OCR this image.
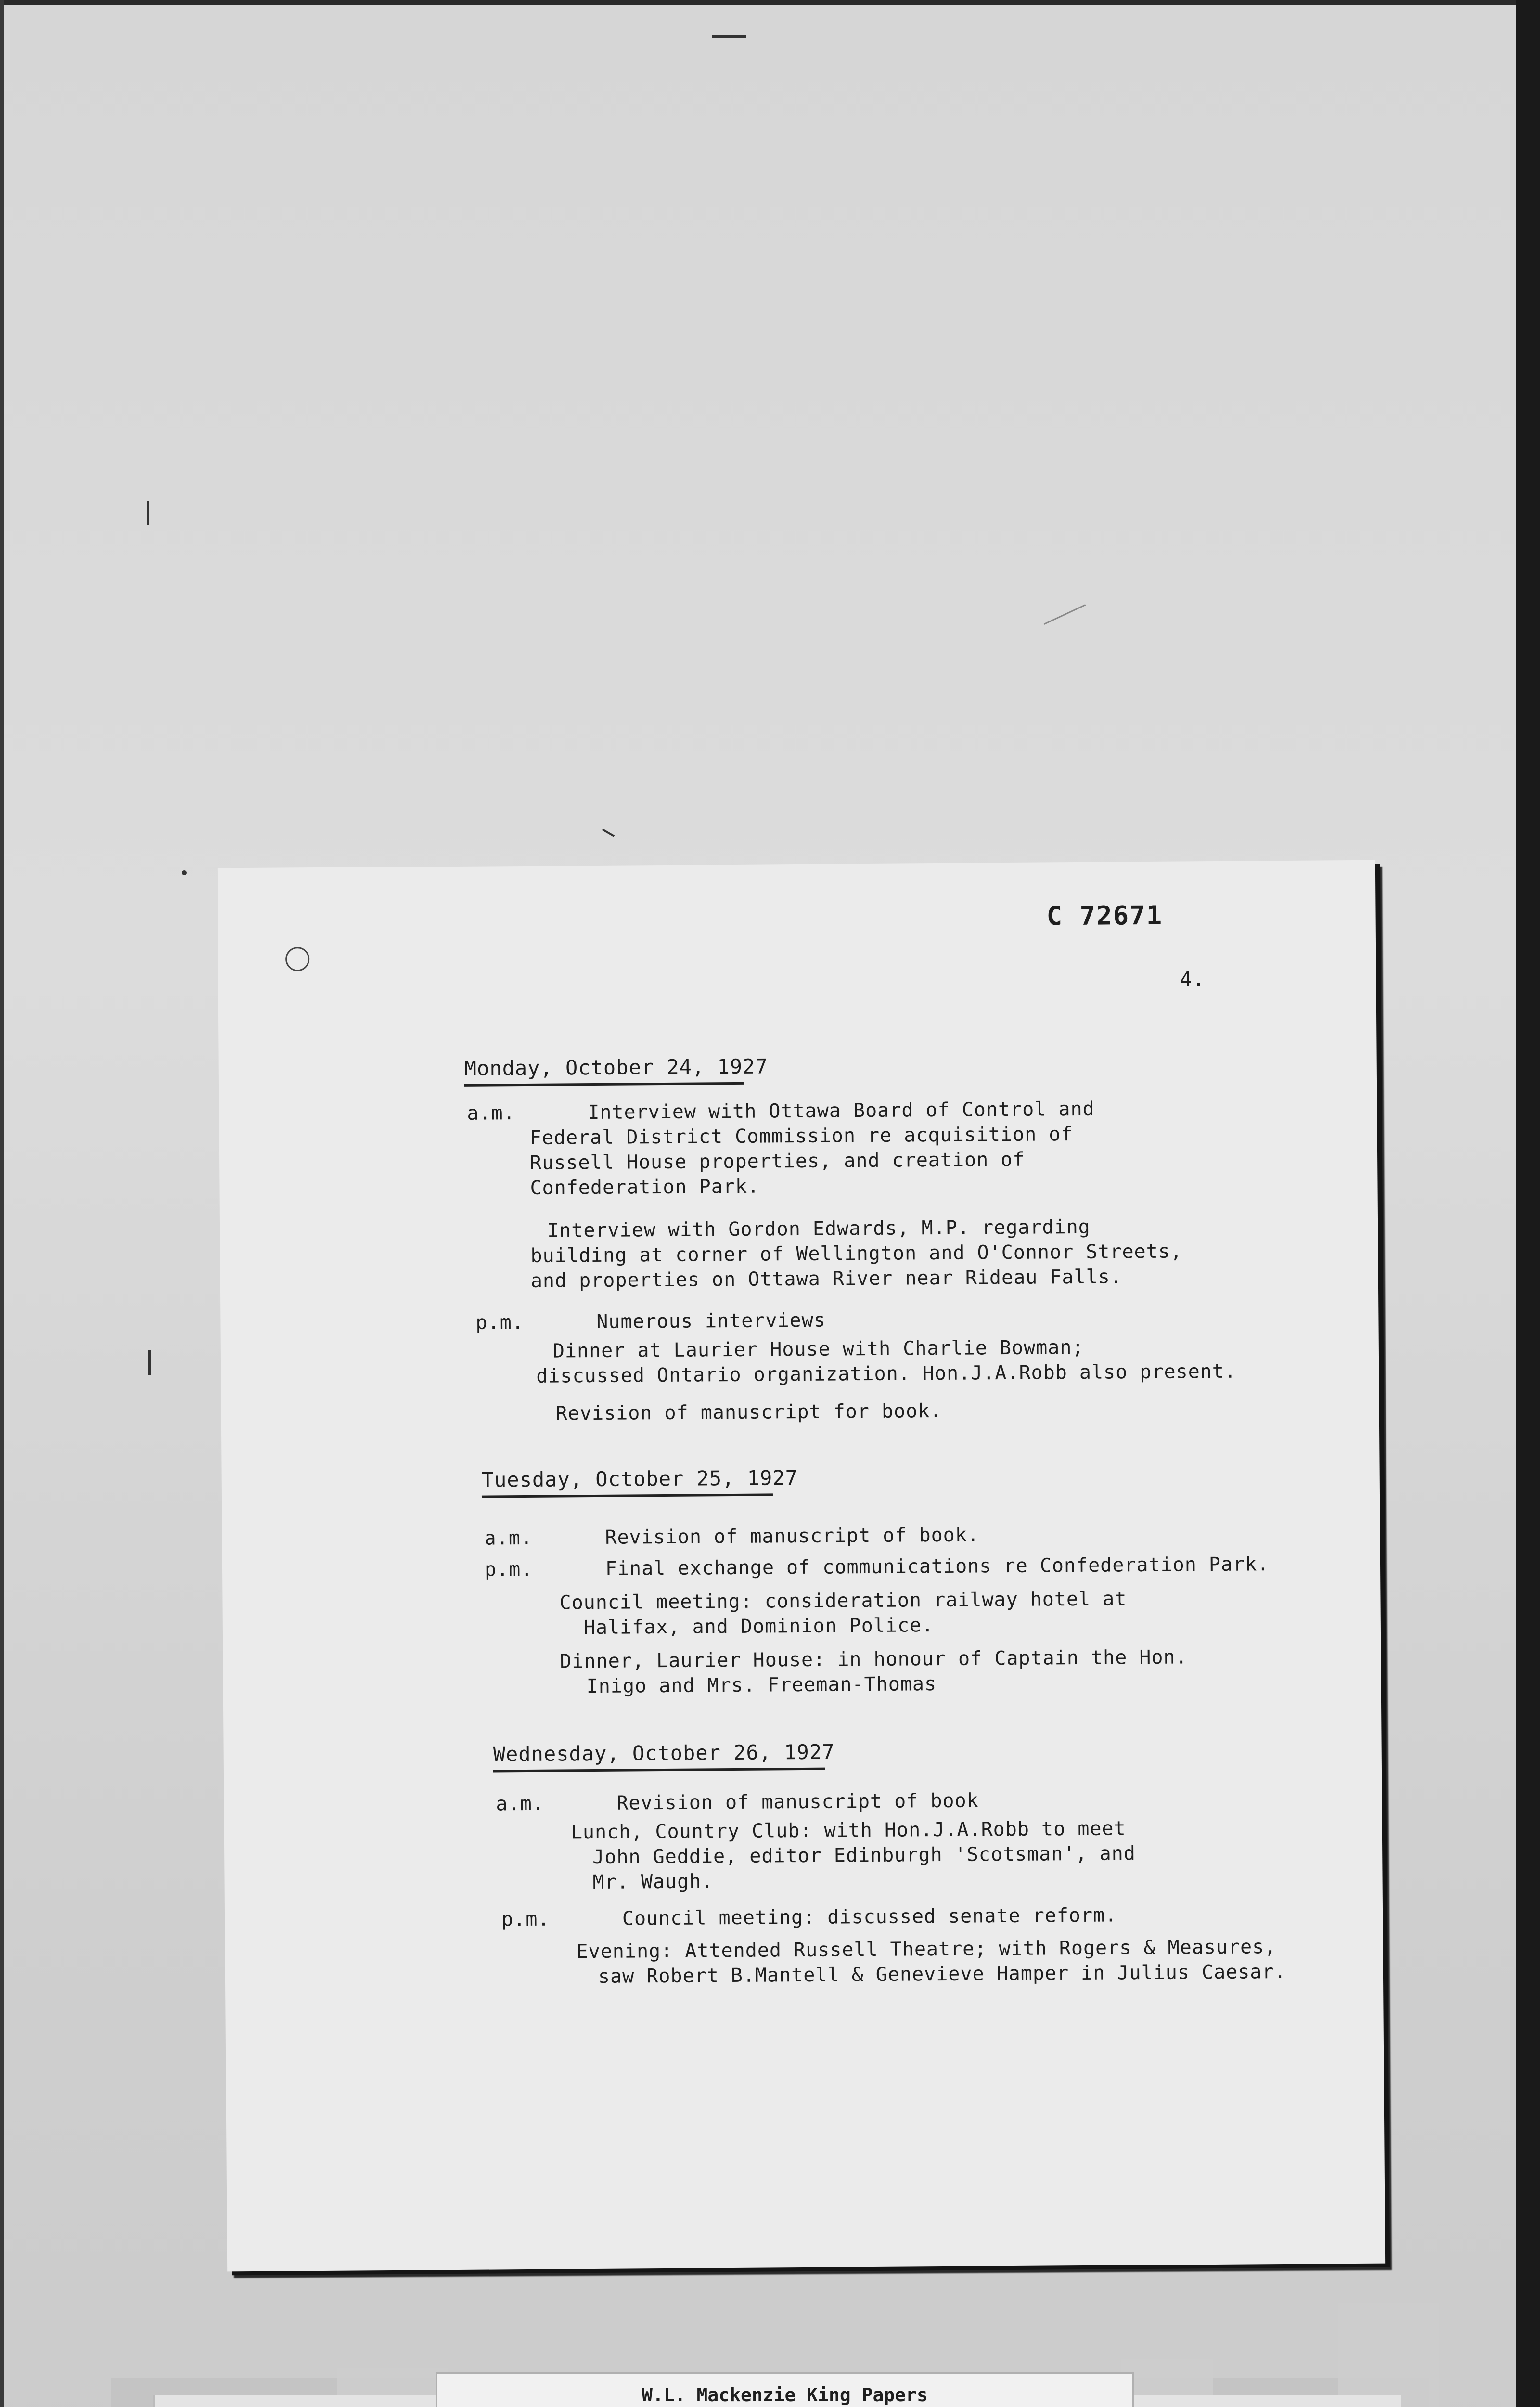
C 72671
4.
Monday, October 24, 1927
a.m.      Interview with Ottawa Board of Control and
Federal District Commission re acquisition of
Russell House properties, and creation of
Confederation Park.
Interview with Gordon Edwards, M.P. regarding
building at corner of Wellington and O'Connor Streets,
and properties on Ottawa River near Rideau Falls.
p.m.      Numerous interviews
Dinner at Laurier House with Charlie Bowman;
discussed Ontario organization. Hon.J.A.Robb also present.
Revision of manuscript for book.
Tuesday, October 25, 1927
a.m.      Revision of manuscript of book.
p.m.      Final exchange of communications re Confederation Park.
Council meeting: consideration railway hotel at
Halifax, and Dominion Police.
Dinner, Laurier House: in honour of Captain the Hon.
Inigo and Mrs. Freeman-Thomas
Wednesday, October 26, 1927
a.m.      Revision of manuscript of book
Lunch, Country Club: with Hon.J.A.Robb to meet
John Geddie, editor Edinburgh 'Scotsman', and
Mr. Waugh.
p.m.      Council meeting: discussed senate reform.
Evening: Attended Russell Theatre; with Rogers & Measures,
saw Robert B.Mantell & Genevieve Hamper in Julius Caesar.
W.L. Mackenzie King Papers
